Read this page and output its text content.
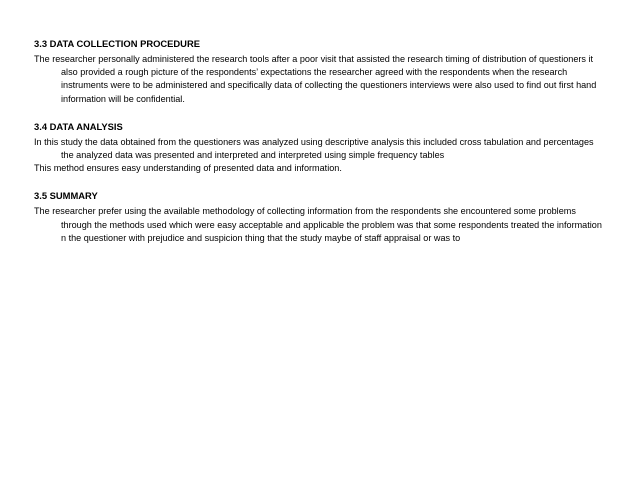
3.3 DATA COLLECTION PROCEDURE

The researcher personally administered the research tools after a poor visit that assisted the research timing of distribution of questioners it also provided a rough picture of the respondents’ expectations the researcher agreed with the respondents when the research instruments were to be administered and specifically data of collecting the questioners interviews were also used to find out first hand information will be confidential.

3.4 DATA ANALYSIS

In this study the data obtained from the questioners was analyzed using descriptive analysis this included cross tabulation and percentages the analyzed data was presented and interpreted and interpreted using simple frequency tables

This method ensures easy understanding of presented data and information.

3.5 SUMMARY

The researcher prefer using the available methodology of collecting information from the respondents she encountered some problems through the methods used which were easy acceptable and applicable the problem was that some respondents treated the information n the questioner with prejudice and suspicion thing that the study maybe of staff appraisal or was to
